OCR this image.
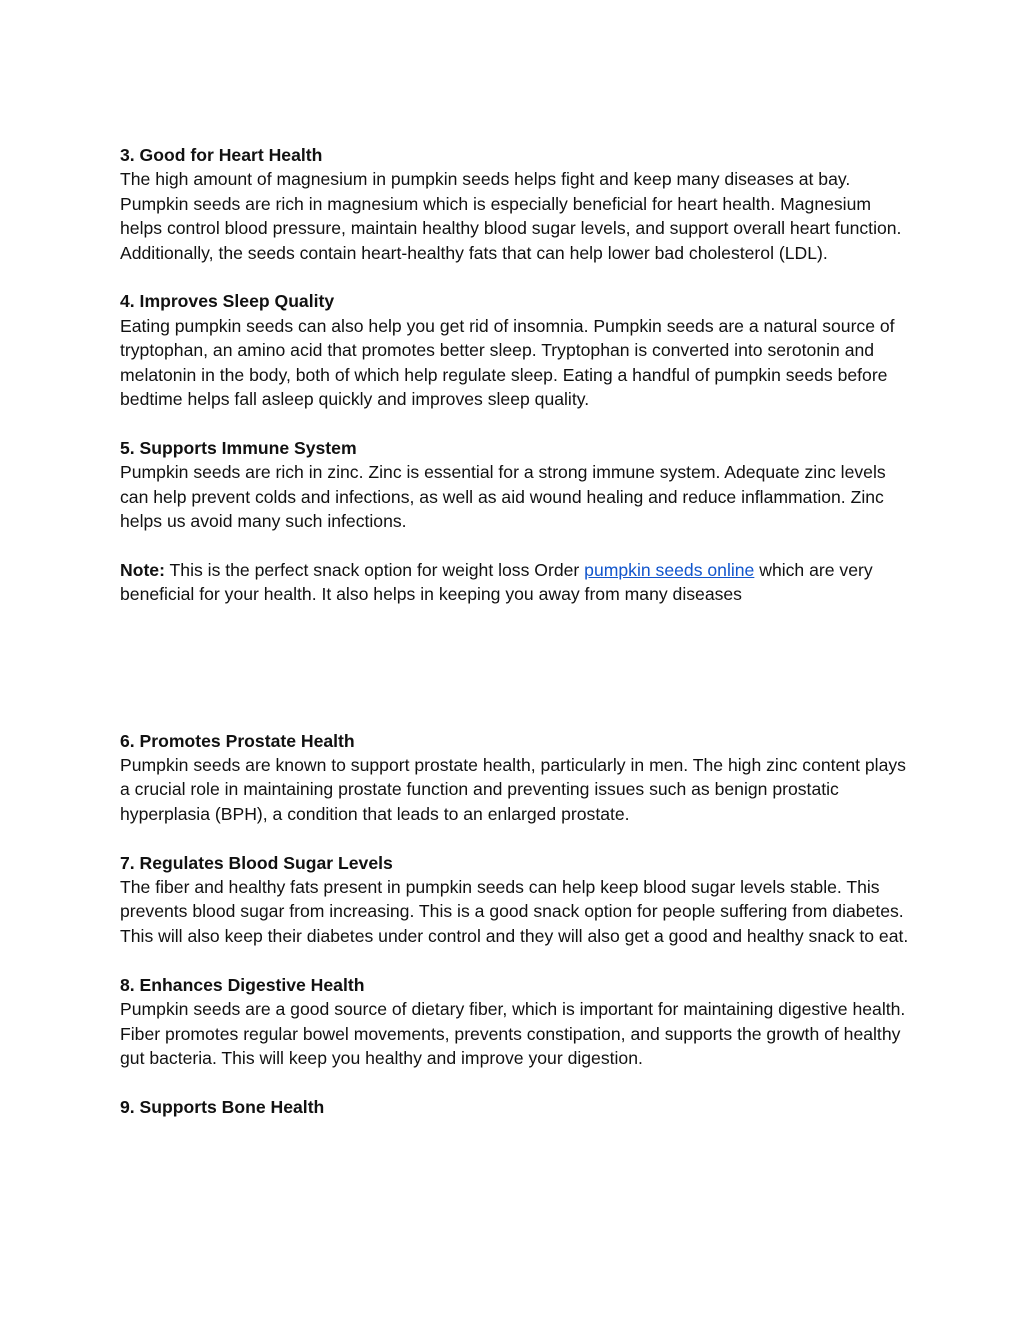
3. Good for Heart Health
The high amount of magnesium in pumpkin seeds helps fight and keep many diseases at bay. Pumpkin seeds are rich in magnesium which is especially beneficial for heart health. Magnesium helps control blood pressure, maintain healthy blood sugar levels, and support overall heart function. Additionally, the seeds contain heart-healthy fats that can help lower bad cholesterol (LDL).
4. Improves Sleep Quality
Eating pumpkin seeds can also help you get rid of insomnia. Pumpkin seeds are a natural source of tryptophan, an amino acid that promotes better sleep. Tryptophan is converted into serotonin and melatonin in the body, both of which help regulate sleep. Eating a handful of pumpkin seeds before bedtime helps fall asleep quickly and improves sleep quality.
5. Supports Immune System
Pumpkin seeds are rich in zinc. Zinc is essential for a strong immune system. Adequate zinc levels can help prevent colds and infections, as well as aid wound healing and reduce inflammation. Zinc helps us avoid many such infections.
Note: This is the perfect snack option for weight loss Order pumpkin seeds online which are very beneficial for your health. It also helps in keeping you away from many diseases
6. Promotes Prostate Health
Pumpkin seeds are known to support prostate health, particularly in men. The high zinc content plays a crucial role in maintaining prostate function and preventing issues such as benign prostatic hyperplasia (BPH), a condition that leads to an enlarged prostate.
7. Regulates Blood Sugar Levels
The fiber and healthy fats present in pumpkin seeds can help keep blood sugar levels stable. This prevents blood sugar from increasing. This is a good snack option for people suffering from diabetes. This will also keep their diabetes under control and they will also get a good and healthy snack to eat.
8. Enhances Digestive Health
Pumpkin seeds are a good source of dietary fiber, which is important for maintaining digestive health. Fiber promotes regular bowel movements, prevents constipation, and supports the growth of healthy gut bacteria. This will keep you healthy and improve your digestion.
9. Supports Bone Health
